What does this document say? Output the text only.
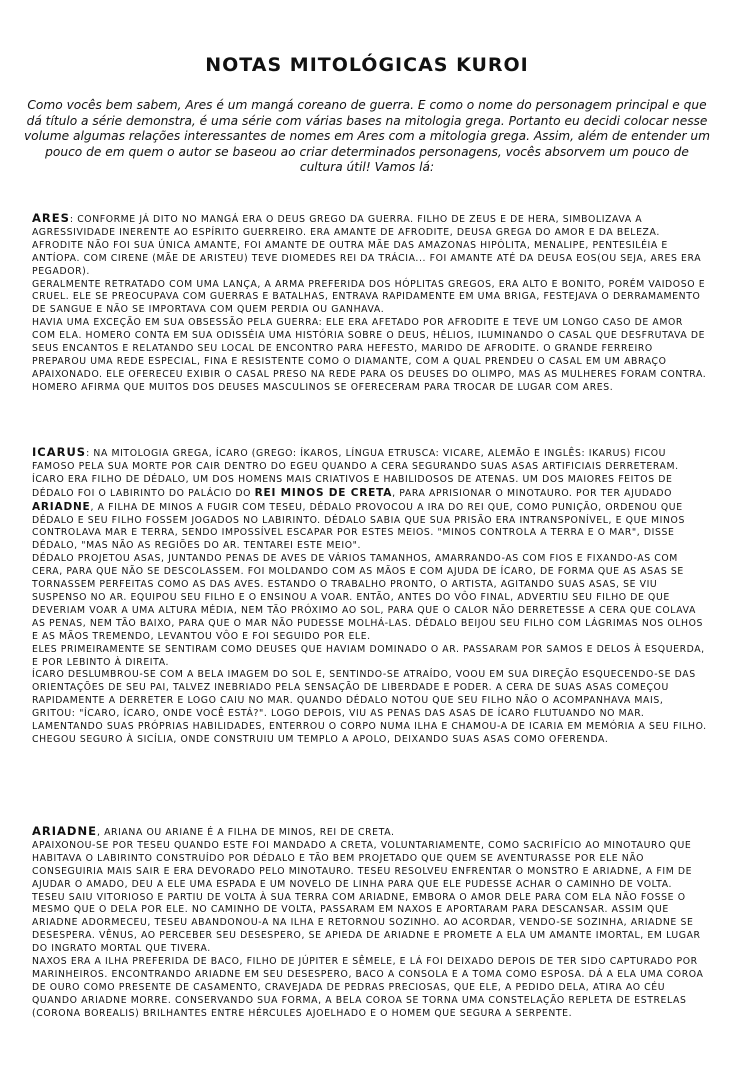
NOTAS MITOLÓGICAS KUROI
Como vocês bem sabem, Ares é um mangá coreano de guerra. E como o nome do personagem principal e que dá título a série demonstra, é uma série com várias bases na mitologia grega. Portanto eu decidi colocar nesse volume algumas relações interessantes de nomes em Ares com a mitologia grega. Assim, além de entender um pouco de em quem o autor se baseou ao criar determinados personagens, vocês absorvem um pouco de cultura útil! Vamos lá:

ARES: CONFORME JÁ DITO NO MANGÁ ERA O DEUS GREGO DA GUERRA. FILHO DE ZEUS E DE HERA, SIMBOLIZAVA A AGRESSIVIDADE INERENTE AO ESPÍRITO GUERREIRO. ERA AMANTE DE AFRODITE, DEUSA GREGA DO AMOR E DA BELEZA. AFRODITE NÃO FOI SUA ÚNICA AMANTE, FOI AMANTE DE OUTRA MÃE DAS AMAZONAS HIPÓLITA, MENALIPE, PENTESILÉIA E ANTÍOPA. COM CIRENE (MÃE DE ARISTEU) TEVE DIOMEDES REI DA TRÁCIA... FOI AMANTE ATÉ DA DEUSA EOS(OU SEJA, ARES ERA PEGADOR).

GERALMENTE RETRATADO COM UMA LANÇA, A ARMA PREFERIDA DOS HÓPLITAS GREGOS, ERA ALTO E BONITO, PORÉM VAIDOSO E CRUEL. ELE SE PREOCUPAVA COM GUERRAS E BATALHAS, ENTRAVA RAPIDAMENTE EM UMA BRIGA, FESTEJAVA O DERRAMAMENTO DE SANGUE E NÃO SE IMPORTAVA COM QUEM PERDIA OU GANHAVA.

HAVIA UMA EXCEÇÃO EM SUA OBSESSÃO PELA GUERRA: ELE ERA AFETADO POR AFRODITE E TEVE UM LONGO CASO DE AMOR COM ELA. HOMERO CONTA EM SUA ODISSÉIA UMA HISTÓRIA SOBRE O DEUS, HÉLIOS, ILUMINANDO O CASAL QUE DESFRUTAVA DE SEUS ENCANTOS E RELATANDO SEU LOCAL DE ENCONTRO PARA HEFESTO, MARIDO DE AFRODITE. O GRANDE FERREIRO PREPAROU UMA REDE ESPECIAL, FINA E RESISTENTE COMO O DIAMANTE, COM A QUAL PRENDEU O CASAL EM UM ABRAÇO APAIXONADO. ELE OFERECEU EXIBIR O CASAL PRESO NA REDE PARA OS DEUSES DO OLIMPO, MAS AS MULHERES FORAM CONTRA. HOMERO AFIRMA QUE MUITOS DOS DEUSES MASCULINOS SE OFERECERAM PARA TROCAR DE LUGAR COM ARES.

ICARUS: NA MITOLOGIA GREGA, ÍCARO (GREGO: ÍKAROS, LÍNGUA ETRUSCA: VICARE, ALEMÃO E INGLÊS: IKARUS) FICOU FAMOSO PELA SUA MORTE POR CAIR DENTRO DO EGEU QUANDO A CERA SEGURANDO SUAS ASAS ARTIFICIAIS DERRETERAM.

ÍCARO ERA FILHO DE DÉDALO, UM DOS HOMENS MAIS CRIATIVOS E HABILIDOSOS DE ATENAS. UM DOS MAIORES FEITOS DE DÉDALO FOI O LABIRINTO DO PALÁCIO DO REI MINOS DE CRETA, PARA APRISIONAR O MINOTAURO. POR TER AJUDADO ARIADNE, A FILHA DE MINOS A FUGIR COM TESEU, DÉDALO PROVOCOU A IRA DO REI QUE, COMO PUNIÇÃO, ORDENOU QUE DÉDALO E SEU FILHO FOSSEM JOGADOS NO LABIRINTO. DÉDALO SABIA QUE SUA PRISÃO ERA INTRANSPONÍVEL, E QUE MINOS CONTROLAVA MAR E TERRA, SENDO IMPOSSÍVEL ESCAPAR POR ESTES MEIOS. "MINOS CONTROLA A TERRA E O MAR", DISSE DÉDALO, "MAS NÃO AS REGIÕES DO AR. TENTAREI ESTE MEIO".

DÉDALO PROJETOU ASAS, JUNTANDO PENAS DE AVES DE VÁRIOS TAMANHOS, AMARRANDO-AS COM FIOS E FIXANDO-AS COM CERA, PARA QUE NÃO SE DESCOLASSEM. FOI MOLDANDO COM AS MÃOS E COM AJUDA DE ÍCARO, DE FORMA QUE AS ASAS SE TORNASSEM PERFEITAS COMO AS DAS AVES. ESTANDO O TRABALHO PRONTO, O ARTISTA, AGITANDO SUAS ASAS, SE VIU SUSPENSO NO AR. EQUIPOU SEU FILHO E O ENSINOU A VOAR. ENTÃO, ANTES DO VÔO FINAL, ADVERTIU SEU FILHO DE QUE DEVERIAM VOAR A UMA ALTURA MÉDIA, NEM TÃO PRÓXIMO AO SOL, PARA QUE O CALOR NÃO DERRETESSE A CERA QUE COLAVA AS PENAS, NEM TÃO BAIXO, PARA QUE O MAR NÃO PUDESSE MOLHÁ-LAS. DÉDALO BEIJOU SEU FILHO COM LÁGRIMAS NOS OLHOS E AS MÃOS TREMENDO, LEVANTOU VÔO E FOI SEGUIDO POR ELE.

ELES PRIMEIRAMENTE SE SENTIRAM COMO DEUSES QUE HAVIAM DOMINADO O AR. PASSARAM POR SAMOS E DELOS À ESQUERDA, E POR LEBINTO À DIREITA.

ÍCARO DESLUMBROU-SE COM A BELA IMAGEM DO SOL E, SENTINDO-SE ATRAÍDO, VOOU EM SUA DIREÇÃO ESQUECENDO-SE DAS ORIENTAÇÕES DE SEU PAI, TALVEZ INEBRIADO PELA SENSAÇÃO DE LIBERDADE E PODER. A CERA DE SUAS ASAS COMEÇOU RAPIDAMENTE A DERRETER E LOGO CAIU NO MAR. QUANDO DÉDALO NOTOU QUE SEU FILHO NÃO O ACOMPANHAVA MAIS, GRITOU: "ÍCARO, ÍCARO, ONDE VOCÊ ESTÁ?". LOGO DEPOIS, VIU AS PENAS DAS ASAS DE ÍCARO FLUTUANDO NO MAR. LAMENTANDO SUAS PRÓPRIAS HABILIDADES, ENTERROU O CORPO NUMA ILHA E CHAMOU-A DE ICARIA EM MEMÓRIA A SEU FILHO. CHEGOU SEGURO À SICÍLIA, ONDE CONSTRUIU UM TEMPLO A APOLO, DEIXANDO SUAS ASAS COMO OFERENDA.

ARIADNE, ARIANA OU ARIANE É A FILHA DE MINOS, REI DE CRETA.

APAIXONOU-SE POR TESEU QUANDO ESTE FOI MANDADO A CRETA, VOLUNTARIAMENTE, COMO SACRIFÍCIO AO MINOTAURO QUE HABITAVA O LABIRINTO CONSTRUÍDO POR DÉDALO E TÃO BEM PROJETADO QUE QUEM SE AVENTURASSE POR ELE NÃO CONSEGUIRIA MAIS SAIR E ERA DEVORADO PELO MINOTAURO. TESEU RESOLVEU ENFRENTAR O MONSTRO E ARIADNE, A FIM DE AJUDAR O AMADO, DEU A ELE UMA ESPADA E UM NOVELO DE LINHA PARA QUE ELE PUDESSE ACHAR O CAMINHO DE VOLTA. TESEU SAIU VITORIOSO E PARTIU DE VOLTA À SUA TERRA COM ARIADNE, EMBORA O AMOR DELE PARA COM ELA NÃO FOSSE O MESMO QUE O DELA POR ELE. NO CAMINHO DE VOLTA, PASSARAM EM NAXOS E APORTARAM PARA DESCANSAR. ASSIM QUE ARIADNE ADORMECEU, TESEU ABANDONOU-A NA ILHA E RETORNOU SOZINHO. AO ACORDAR, VENDO-SE SOZINHA, ARIADNE SE DESESPERA. VÊNUS, AO PERCEBER SEU DESESPERO, SE APIEDA DE ARIADNE E PROMETE A ELA UM AMANTE IMORTAL, EM LUGAR DO INGRATO MORTAL QUE TIVERA.

NAXOS ERA A ILHA PREFERIDA DE BACO, FILHO DE JÚPITER E SÊMELE, E LÁ FOI DEIXADO DEPOIS DE TER SIDO CAPTURADO POR MARINHEIROS. ENCONTRANDO ARIADNE EM SEU DESESPERO, BACO A CONSOLA E A TOMA COMO ESPOSA. DÁ A ELA UMA COROA DE OURO COMO PRESENTE DE CASAMENTO, CRAVEJADA DE PEDRAS PRECIOSAS, QUE ELE, A PEDIDO DELA, ATIRA AO CÉU QUANDO ARIADNE MORRE. CONSERVANDO SUA FORMA, A BELA COROA SE TORNA UMA CONSTELAÇÃO REPLETA DE ESTRELAS (CORONA BOREALIS) BRILHANTES ENTRE HÉRCULES AJOELHADO E O HOMEM QUE SEGURA A SERPENTE.
